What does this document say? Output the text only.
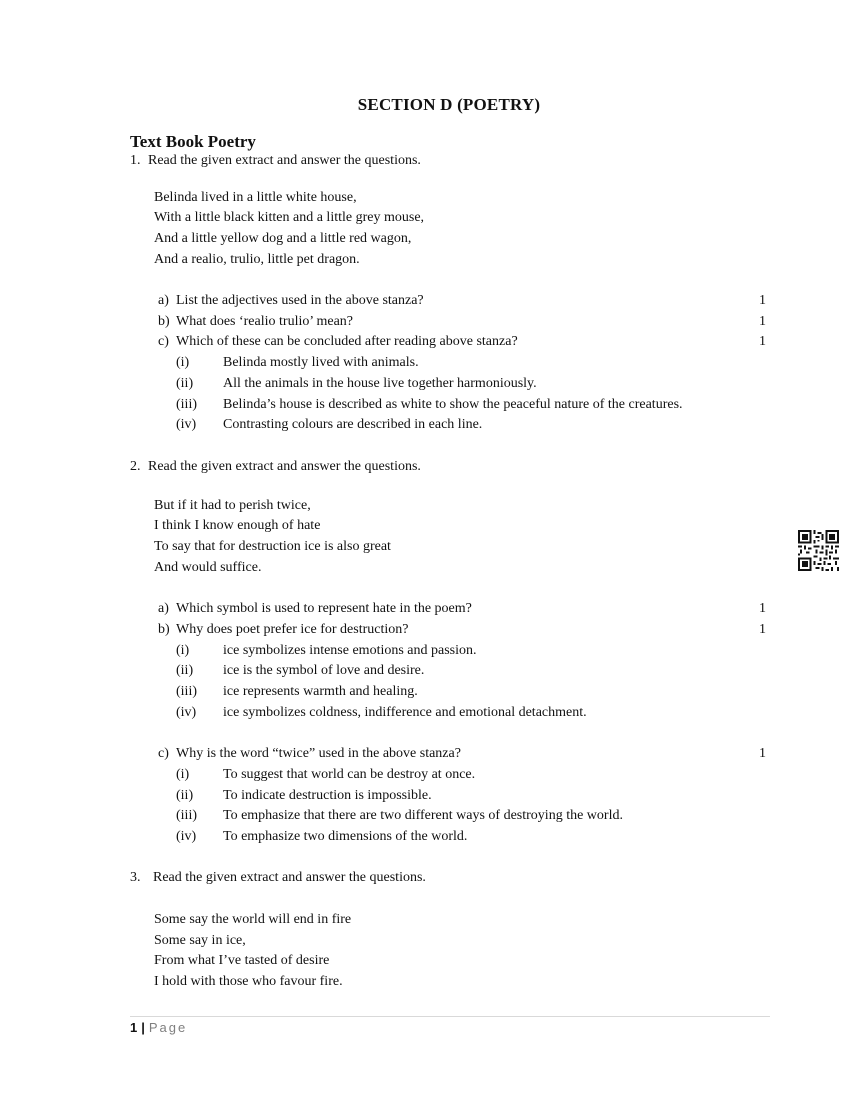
SECTION D (POETRY)
Text Book Poetry
1. Read the given extract and answer the questions.
Belinda lived in a little white house,
With a little black kitten and a little grey mouse,
And a little yellow dog and a little red wagon,
And a realio, trulio, little pet dragon.
a) List the adjectives used in the above stanza?	1
b) What does ‘realio trulio’ mean?	1
c) Which of these can be concluded after reading above stanza?	1
(i) Belinda mostly lived with animals.
(ii) All the animals in the house live together harmoniously.
(iii) Belinda’s house is described as white to show the peaceful nature of the creatures.
(iv) Contrasting colours are described in each line.
2. Read the given extract and answer the questions.
But if it had to perish twice,
I think I know enough of hate
To say that for destruction ice is also great
And would suffice.
a) Which symbol is used to represent hate in the poem?	1
b) Why does poet prefer ice for destruction?	1
(i) ice symbolizes intense emotions and passion.
(ii) ice is the symbol of love and desire.
(iii) ice represents warmth and healing.
(iv) ice symbolizes coldness, indifference and emotional detachment.
c) Why is the word “twice” used in the above stanza?	1
(i) To suggest that world can be destroy at once.
(ii) To indicate destruction is impossible.
(iii) To emphasize that there are two different ways of destroying the world.
(iv) To emphasize two dimensions of the world.
3. Read the given extract and answer the questions.
Some say the world will end in fire
Some say in ice,
From what I’ve tasted of desire
I hold with those who favour fire.
1 | Page
